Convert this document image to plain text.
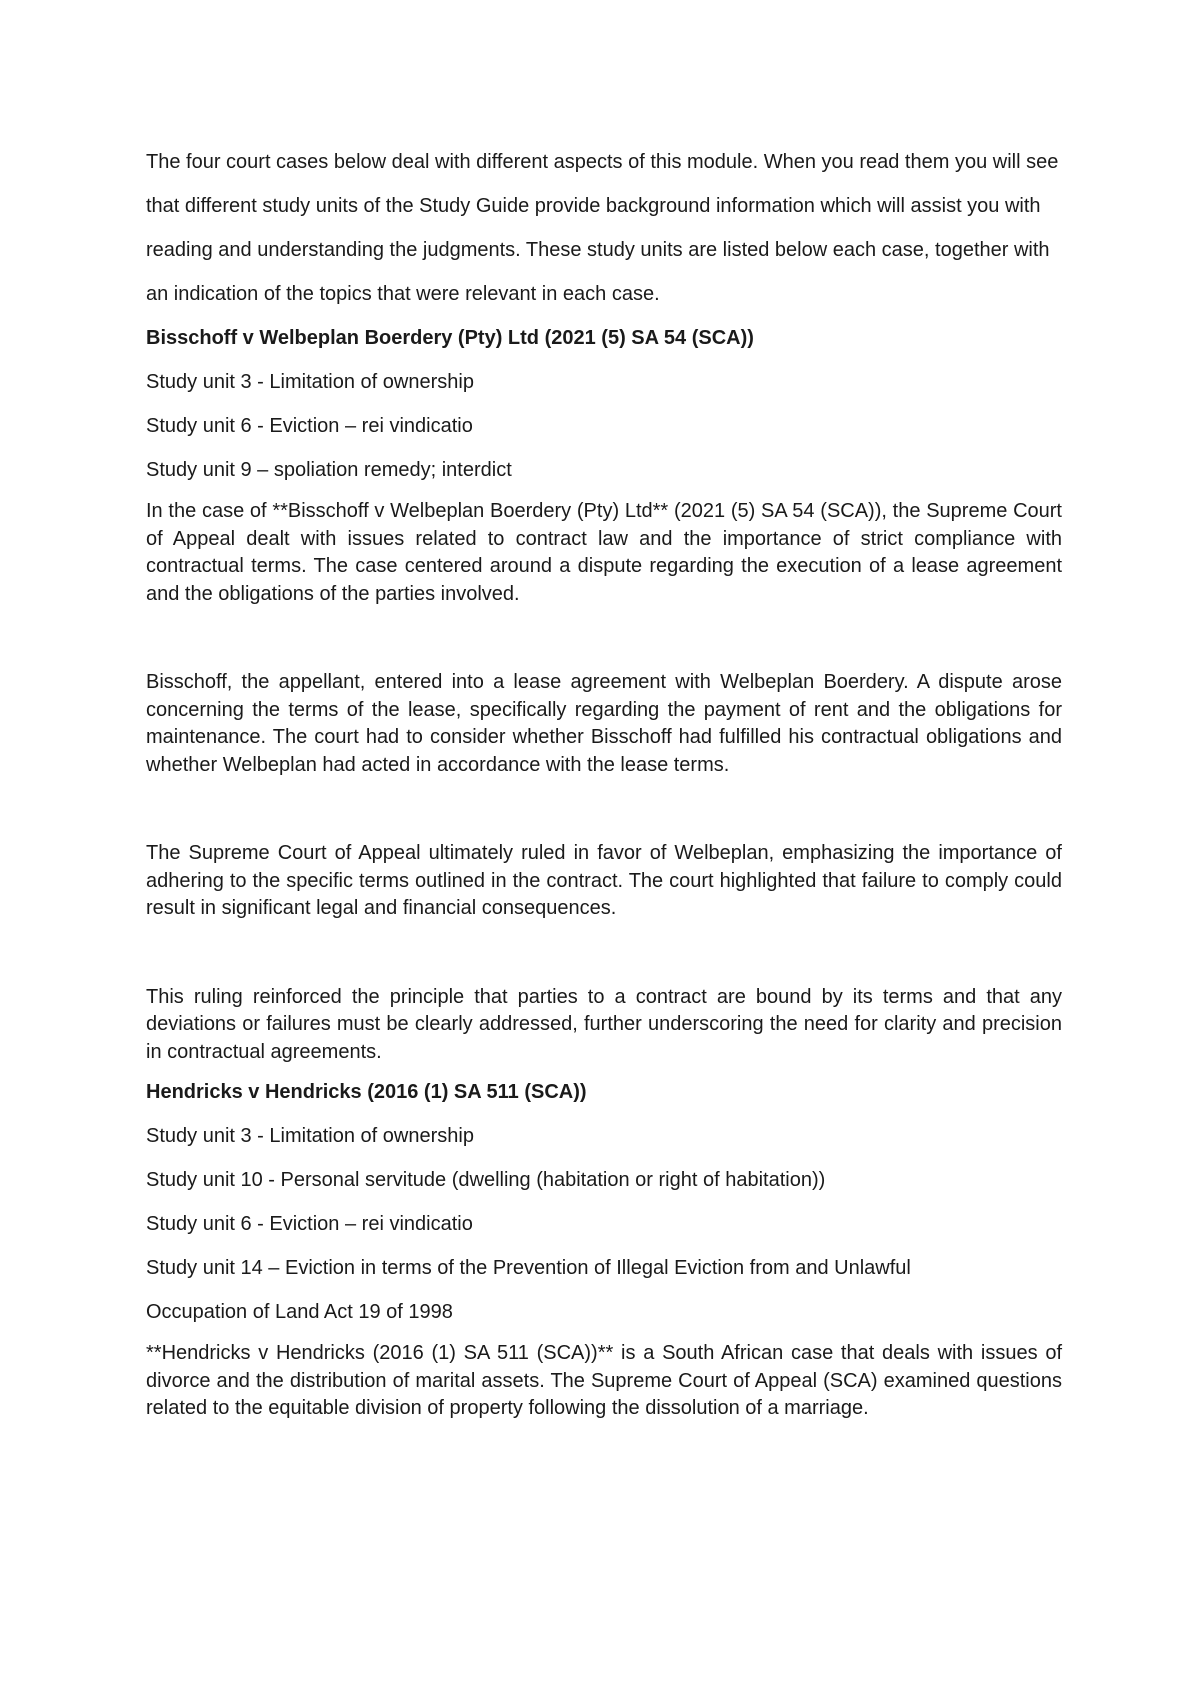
The four court cases below deal with different aspects of this module. When you read them you will see that different study units of the Study Guide provide background information which will assist you with reading and understanding the judgments. These study units are listed below each case, together with an indication of the topics that were relevant in each case.

Bisschoff v Welbeplan Boerdery (Pty) Ltd (2021 (5) SA 54 (SCA))

Study unit 3 - Limitation of ownership

Study unit 6 - Eviction – rei vindicatio

Study unit 9 – spoliation remedy; interdict

In the case of **Bisschoff v Welbeplan Boerdery (Pty) Ltd** (2021 (5) SA 54 (SCA)), the Supreme Court of Appeal dealt with issues related to contract law and the importance of strict compliance with contractual terms. The case centered around a dispute regarding the execution of a lease agreement and the obligations of the parties involved.

Bisschoff, the appellant, entered into a lease agreement with Welbeplan Boerdery. A dispute arose concerning the terms of the lease, specifically regarding the payment of rent and the obligations for maintenance. The court had to consider whether Bisschoff had fulfilled his contractual obligations and whether Welbeplan had acted in accordance with the lease terms.

The Supreme Court of Appeal ultimately ruled in favor of Welbeplan, emphasizing the importance of adhering to the specific terms outlined in the contract. The court highlighted that failure to comply could result in significant legal and financial consequences.

This ruling reinforced the principle that parties to a contract are bound by its terms and that any deviations or failures must be clearly addressed, further underscoring the need for clarity and precision in contractual agreements.

Hendricks v Hendricks (2016 (1) SA 511 (SCA))

Study unit 3 - Limitation of ownership

Study unit 10 - Personal servitude (dwelling (habitation or right of habitation))

Study unit 6 - Eviction – rei vindicatio

Study unit 14 – Eviction in terms of the Prevention of Illegal Eviction from and Unlawful

Occupation of Land Act 19 of 1998

**Hendricks v Hendricks (2016 (1) SA 511 (SCA))** is a South African case that deals with issues of divorce and the distribution of marital assets. The Supreme Court of Appeal (SCA) examined questions related to the equitable division of property following the dissolution of a marriage.
